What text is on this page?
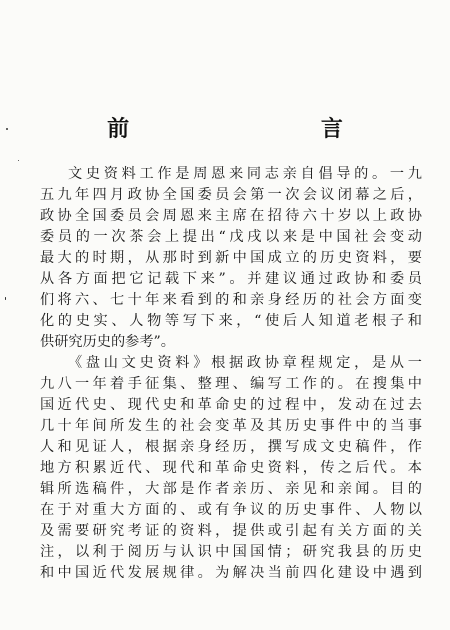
前 言
文史资料工作是周恩来同志亲自倡导的。一九
五九年四月政协全国委员会第一次会议闭幕之后，
政协全国委员会周恩来主席在招待六十岁以上政协
委员的一次茶会上提出“戊戌以来是中国社会变动
最大的时期，从那时到新中国成立的历史资料，要
从各方面把它记载下来”。并建议通过政协和委员
们将六、七十年来看到的和亲身经历的社会方面变
化的史实、人物等写下来，“使后人知道老根子和
供研究历史的参考”。
《盘山文史资料》根据政协章程规定，是从一
九八一年着手征集、整理、编写工作的。在搜集中
国近代史、现代史和革命史的过程中，发动在过去
几十年间所发生的社会变革及其历史事件中的当事
人和见证人，根据亲身经历，撰写成文史稿件，作
地方积累近代、现代和革命史资料，传之后代。本
辑所选稿件，大部是作者亲历、亲见和亲闻。目的
在于对重大方面的、或有争议的历史事件、人物以
及需要研究考证的资料，提供或引起有关方面的关
注，以利于阅历与认识中国国情；研究我县的历史
和中国近代发展规律。为解决当前四化建设中遇到
